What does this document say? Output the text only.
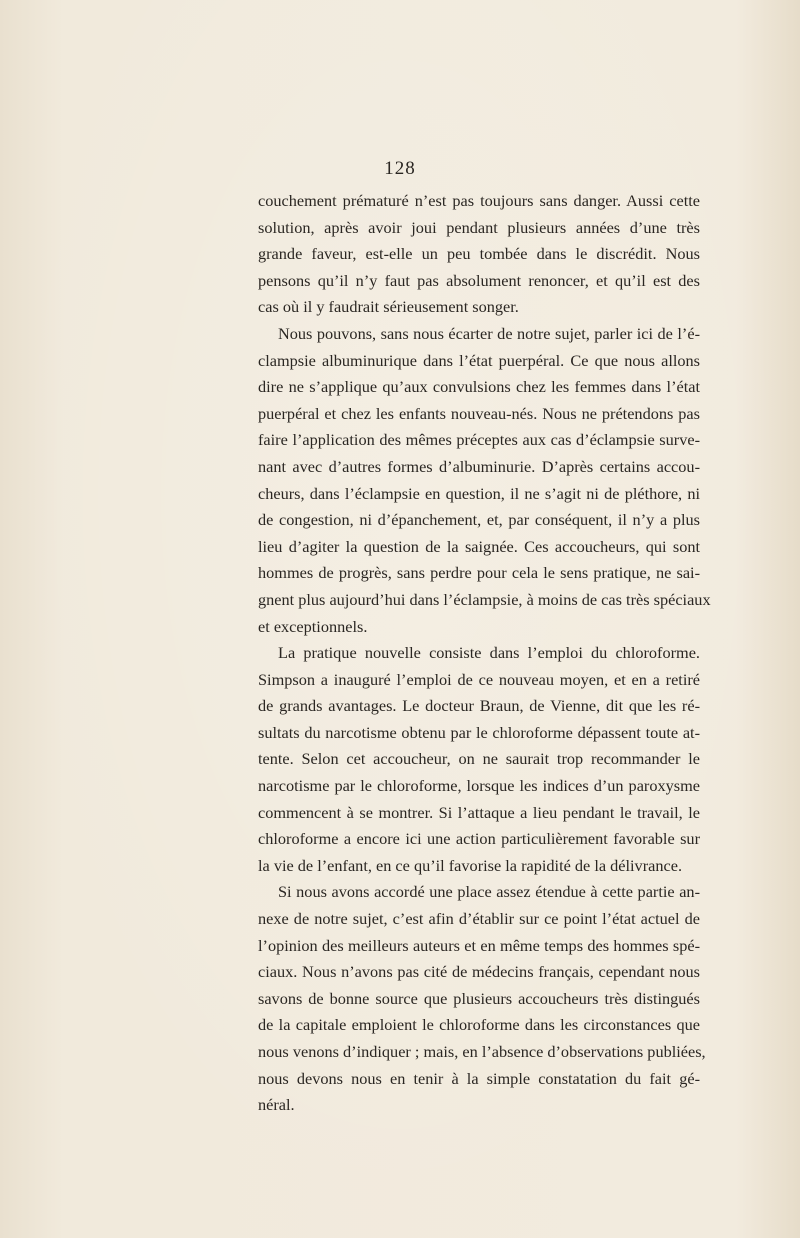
128
couchement prématuré n’est pas toujours sans danger. Aussi cette
solution, après avoir joui pendant plusieurs années d’une très
grande faveur, est-elle un peu tombée dans le discrédit. Nous
pensons qu’il n’y faut pas absolument renoncer, et qu’il est des
cas où il y faudrait sérieusement songer.
Nous pouvons, sans nous écarter de notre sujet, parler ici de l’é-
clampsie albuminurique dans l’état puerpéral. Ce que nous allons
dire ne s’applique qu’aux convulsions chez les femmes dans l’état
puerpéral et chez les enfants nouveau-nés. Nous ne prétendons pas
faire l’application des mêmes préceptes aux cas d’éclampsie surve-
nant avec d’autres formes d’albuminurie. D’après certains accou-
cheurs, dans l’éclampsie en question, il ne s’agit ni de pléthore, ni
de congestion, ni d’épanchement, et, par conséquent, il n’y a plus
lieu d’agiter la question de la saignée. Ces accoucheurs, qui sont
hommes de progrès, sans perdre pour cela le sens pratique, ne sai-
gnent plus aujourd’hui dans l’éclampsie, à moins de cas très spéciaux
et exceptionnels.
La pratique nouvelle consiste dans l’emploi du chloroforme.
Simpson a inauguré l’emploi de ce nouveau moyen, et en a retiré
de grands avantages. Le docteur Braun, de Vienne, dit que les ré-
sultats du narcotisme obtenu par le chloroforme dépassent toute at-
tente. Selon cet accoucheur, on ne saurait trop recommander le
narcotisme par le chloroforme, lorsque les indices d’un paroxysme
commencent à se montrer. Si l’attaque a lieu pendant le travail, le
chloroforme a encore ici une action particulièrement favorable sur
la vie de l’enfant, en ce qu’il favorise la rapidité de la délivrance.
Si nous avons accordé une place assez étendue à cette partie an-
nexe de notre sujet, c’est afin d’établir sur ce point l’état actuel de
l’opinion des meilleurs auteurs et en même temps des hommes spé-
ciaux. Nous n’avons pas cité de médecins français, cependant nous
savons de bonne source que plusieurs accoucheurs très distingués
de la capitale emploient le chloroforme dans les circonstances que
nous venons d’indiquer ; mais, en l’absence d’observations publiées,
nous devons nous en tenir à la simple constatation du fait gé-
néral.
